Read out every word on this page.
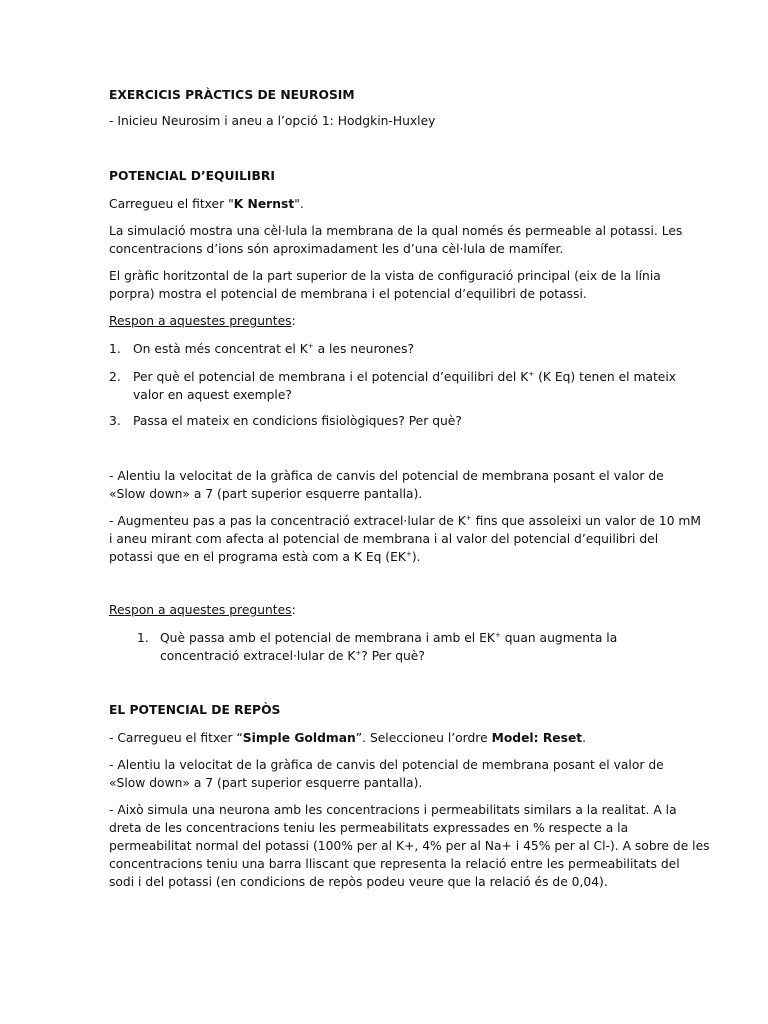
EXERCICIS PRÀCTICS DE NEUROSIM

- Inicieu Neurosim i aneu a l’opció 1: Hodgkin-Huxley

POTENCIAL D’EQUILIBRI

Carregueu el fitxer "K Nernst".

La simulació mostra una cèl·lula la membrana de la qual només és permeable al potassi. Les

concentracions d’ions són aproximadament les d’una cèl·lula de mamífer.

El gràfic horitzontal de la part superior de la vista de configuració principal (eix de la línia

porpra) mostra el potencial de membrana i el potencial d’equilibri de potassi.

Respon a aquestes preguntes:

1. On està més concentrat el K+ a les neurones?

2. Per què el potencial de membrana i el potencial d’equilibri del K+ (K Eq) tenen el mateix

valor en aquest exemple?

3. Passa el mateix en condicions fisiològiques? Per què?

- Alentiu la velocitat de la gràfica de canvis del potencial de membrana posant el valor de

«Slow down» a 7 (part superior esquerre pantalla).

- Augmenteu pas a pas la concentració extracel·lular de K+ fins que assoleixi un valor de 10 mM

i aneu mirant com afecta al potencial de membrana i al valor del potencial d’equilibri del

potassi que en el programa està com a K Eq (EK+).

Respon a aquestes preguntes:

1. Què passa amb el potencial de membrana i amb el EK+ quan augmenta la

concentració extracel·lular de K+? Per què?

EL POTENCIAL DE REPÒS

- Carregueu el fitxer “Simple Goldman”. Seleccioneu l’ordre Model: Reset.

- Alentiu la velocitat de la gràfica de canvis del potencial de membrana posant el valor de

«Slow down» a 7 (part superior esquerre pantalla).

- Això simula una neurona amb les concentracions i permeabilitats similars a la realitat. A la

dreta de les concentracions teniu les permeabilitats expressades en % respecte a la

permeabilitat normal del potassi (100% per al K+, 4% per al Na+ i 45% per al Cl-). A sobre de les

concentracions teniu una barra lliscant que representa la relació entre les permeabilitats del

sodi i del potassi (en condicions de repòs podeu veure que la relació és de 0,04).
